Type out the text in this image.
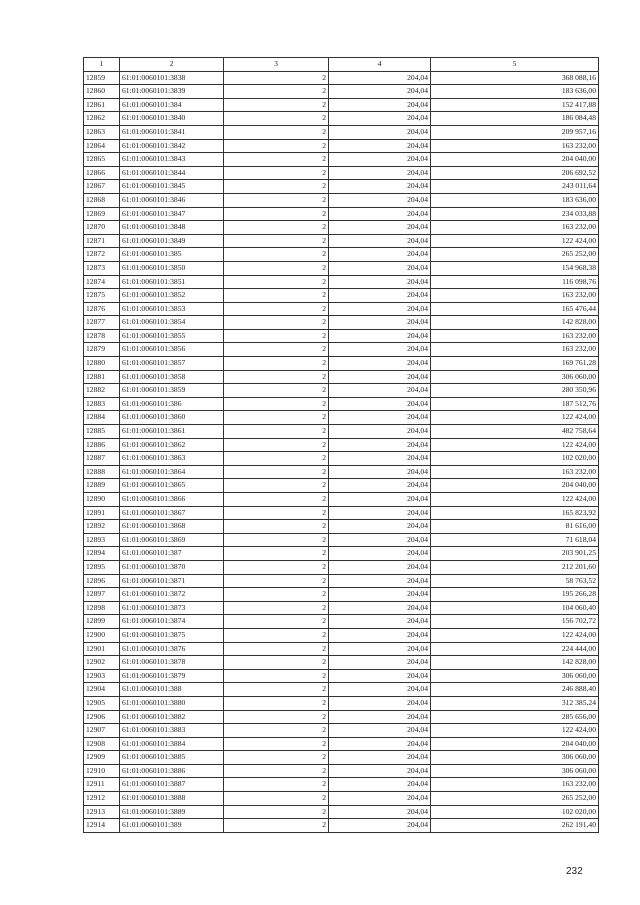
1	2	3	4	5
12859	61:01:0060101:3838	2	204,04	368 088,16
12860	61:01:0060101:3839	2	204,04	183 636,00
12861	61:01:0060101:384	2	204,04	152 417,88
12862	61:01:0060101:3840	2	204,04	186 084,48
12863	61:01:0060101:3841	2	204,04	209 957,16
12864	61:01:0060101:3842	2	204,04	163 232,00
12865	61:01:0060101:3843	2	204,04	204 040,00
12866	61:01:0060101:3844	2	204,04	206 692,52
12867	61:01:0060101:3845	2	204,04	243 011,64
12868	61:01:0060101:3846	2	204,04	183 636,00
12869	61:01:0060101:3847	2	204,04	234 033,88
12870	61:01:0060101:3848	2	204,04	163 232,00
12871	61:01:0060101:3849	2	204,04	122 424,00
12872	61:01:0060101:385	2	204,04	265 252,00
12873	61:01:0060101:3850	2	204,04	154 968,38
12874	61:01:0060101:3851	2	204,04	116 098,76
12875	61:01:0060101:3852	2	204,04	163 232,00
12876	61:01:0060101:3853	2	204,04	165 476,44
12877	61:01:0060101:3854	2	204,04	142 828,00
12878	61:01:0060101:3855	2	204,04	163 232,00
12879	61:01:0060101:3856	2	204,04	163 232,00
12880	61:01:0060101:3857	2	204,04	169 761,28
12881	61:01:0060101:3858	2	204,04	306 060,00
12882	61:01:0060101:3859	2	204,04	280 350,96
12883	61:01:0060101:386	2	204,04	187 512,76
12884	61:01:0060101:3860	2	204,04	122 424,00
12885	61:01:0060101:3861	2	204,04	482 758,64
12886	61:01:0060101:3862	2	204,04	122 424,00
12887	61:01:0060101:3863	2	204,04	102 020,00
12888	61:01:0060101:3864	2	204,04	163 232,00
12889	61:01:0060101:3865	2	204,04	204 040,00
12890	61:01:0060101:3866	2	204,04	122 424,00
12891	61:01:0060101:3867	2	204,04	165 823,92
12892	61:01:0060101:3868	2	204,04	81 616,00
12893	61:01:0060101:3869	2	204,04	71 618,04
12894	61:01:0060101:387	2	204,04	203 901,25
12895	61:01:0060101:3870	2	204,04	212 201,60
12896	61:01:0060101:3871	2	204,04	58 763,52
12897	61:01:0060101:3872	2	204,04	195 266,28
12898	61:01:0060101:3873	2	204,04	104 060,40
12899	61:01:0060101:3874	2	204,04	156 702,72
12900	61:01:0060101:3875	2	204,04	122 424,00
12901	61:01:0060101:3876	2	204,04	224 444,00
12902	61:01:0060101:3878	2	204,04	142 828,00
12903	61:01:0060101:3879	2	204,04	306 060,00
12904	61:01:0060101:388	2	204,04	246 888,40
12905	61:01:0060101:3880	2	204,04	312 385,24
12906	61:01:0060101:3882	2	204,04	285 656,00
12907	61:01:0060101:3883	2	204,04	122 424,00
12908	61:01:0060101:3884	2	204,04	204 040,00
12909	61:01:0060101:3885	2	204,04	306 060,00
12910	61:01:0060101:3886	2	204,04	306 060,00
12911	61:01:0060101:3887	2	204,04	163 232,00
12912	61:01:0060101:3888	2	204,04	265 252,00
12913	61:01:0060101:3889	2	204,04	102 020,00
12914	61:01:0060101:389	2	204,04	262 191,40
232
